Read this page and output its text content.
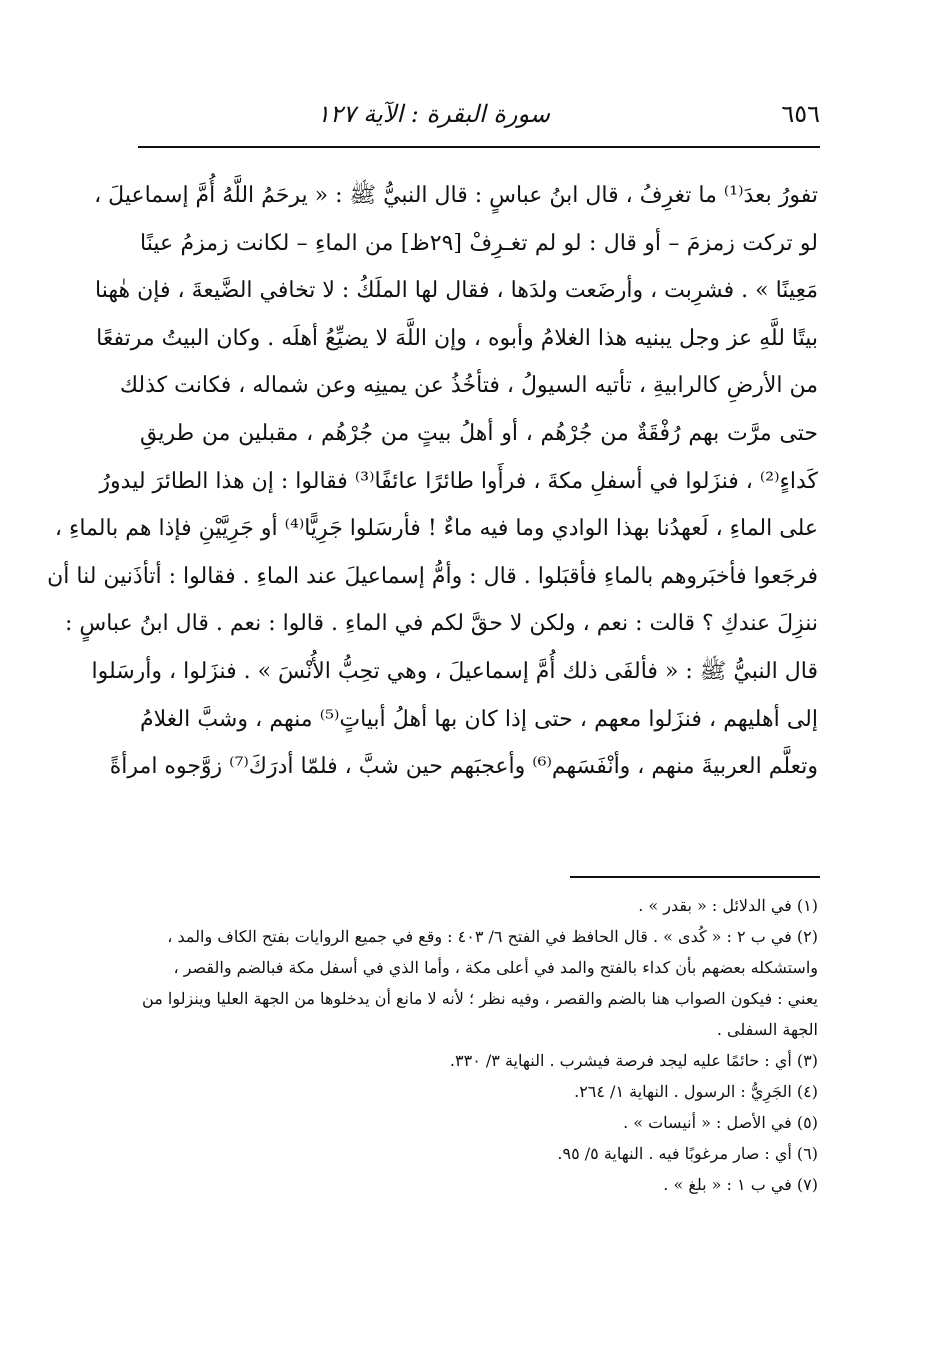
٦٥٦
سورة البقرة : الآية ١٢٧
تفورُ بعدَ⁽¹⁾ ما تغرِفُ ، قال ابنُ عباسٍ : قال النبيُّ ﷺ : « يرحَمُ اللَّهُ أُمَّ إسماعيلَ ،
لو تركت زمزمَ – أو قال : لو لم تغـرِفْ [٢٩ظ] من الماءِ – لكانت زمزمُ عينًا
مَعِينًا » . فشرِبت ، وأرضَعت ولدَها ، فقال لها الملَكُ : لا تخافي الضَّيعةَ ، فإن هٰهنا
بيتًا للَّهِ عز وجل يبنيه هذا الغلامُ وأبوه ، وإن اللَّهَ لا يضيِّعُ أهلَه . وكان البيتُ مرتفعًا
من الأرضِ كالرابيةِ ، تأتيه السيولُ ، فتأخُذُ عن يمينِه وعن شماله ، فكانت كذلك
حتى مرَّت بهم رُفْقَةٌ من جُرْهُم ، أو أهلُ بيتٍ من جُرْهُم ، مقبلين من طريقِ
كَداءٍ⁽²⁾ ، فنزَلوا في أسفلِ مكةَ ، فرأَوا طائرًا عائفًا⁽³⁾ فقالوا : إن هذا الطائرَ ليدورُ
على الماءِ ، لَعهدُنا بهذا الوادي وما فيه ماءٌ ! فأرسَلوا جَرِيًّا⁽⁴⁾ أو جَرِيَّيْنِ فإذا هم بالماءِ ،
فرجَعوا فأخبَروهم بالماءِ فأقبَلوا . قال : وأمُّ إسماعيلَ عند الماءِ . فقالوا : أتأذَنين لنا أن
ننزِلَ عندكِ ؟ قالت : نعم ، ولكن لا حقَّ لكم في الماءِ . قالوا : نعم . قال ابنُ عباسٍ :
قال النبيُّ ﷺ : « فألفَى ذلك أُمَّ إسماعيلَ ، وهي تحِبُّ الأُنْسَ » . فنزَلوا ، وأرسَلوا
إلى أهليهم ، فنزَلوا معهم ، حتى إذا كان بها أهلُ أبياتٍ⁽⁵⁾ منهم ، وشبَّ الغلامُ
وتعلَّم العربيةَ منهم ، وأنْفَسَهم⁽⁶⁾ وأعجبَهم حين شبَّ ، فلمّا أدرَكَ⁽⁷⁾ زوَّجوه امرأةً
(١) في الدلائل : « بقدر » .
(٢) في ب ٢ : « كُدى » . قال الحافظ في الفتح ٦/ ٤٠٣ : وقع في جميع الروايات بفتح الكاف والمد ،
واستشكله بعضهم بأن كداء بالفتح والمد في أعلى مكة ، وأما الذي في أسفل مكة فبالضم والقصر ،
يعني : فيكون الصواب هنا بالضم والقصر ، وفيه نظر ؛ لأنه لا مانع أن يدخلوها من الجهة العليا وينزلوا من
الجهة السفلى .
(٣) أي : حائمًا عليه ليجد فرصة فيشرب . النهاية ٣/ ٣٣٠.
(٤) الجَرِيُّ : الرسول . النهاية ١/ ٢٦٤.
(٥) في الأصل : « أنيسات » .
(٦) أي : صار مرغوبًا فيه . النهاية ٥/ ٩٥.
(٧) في ب ١ : « بلغ » .
